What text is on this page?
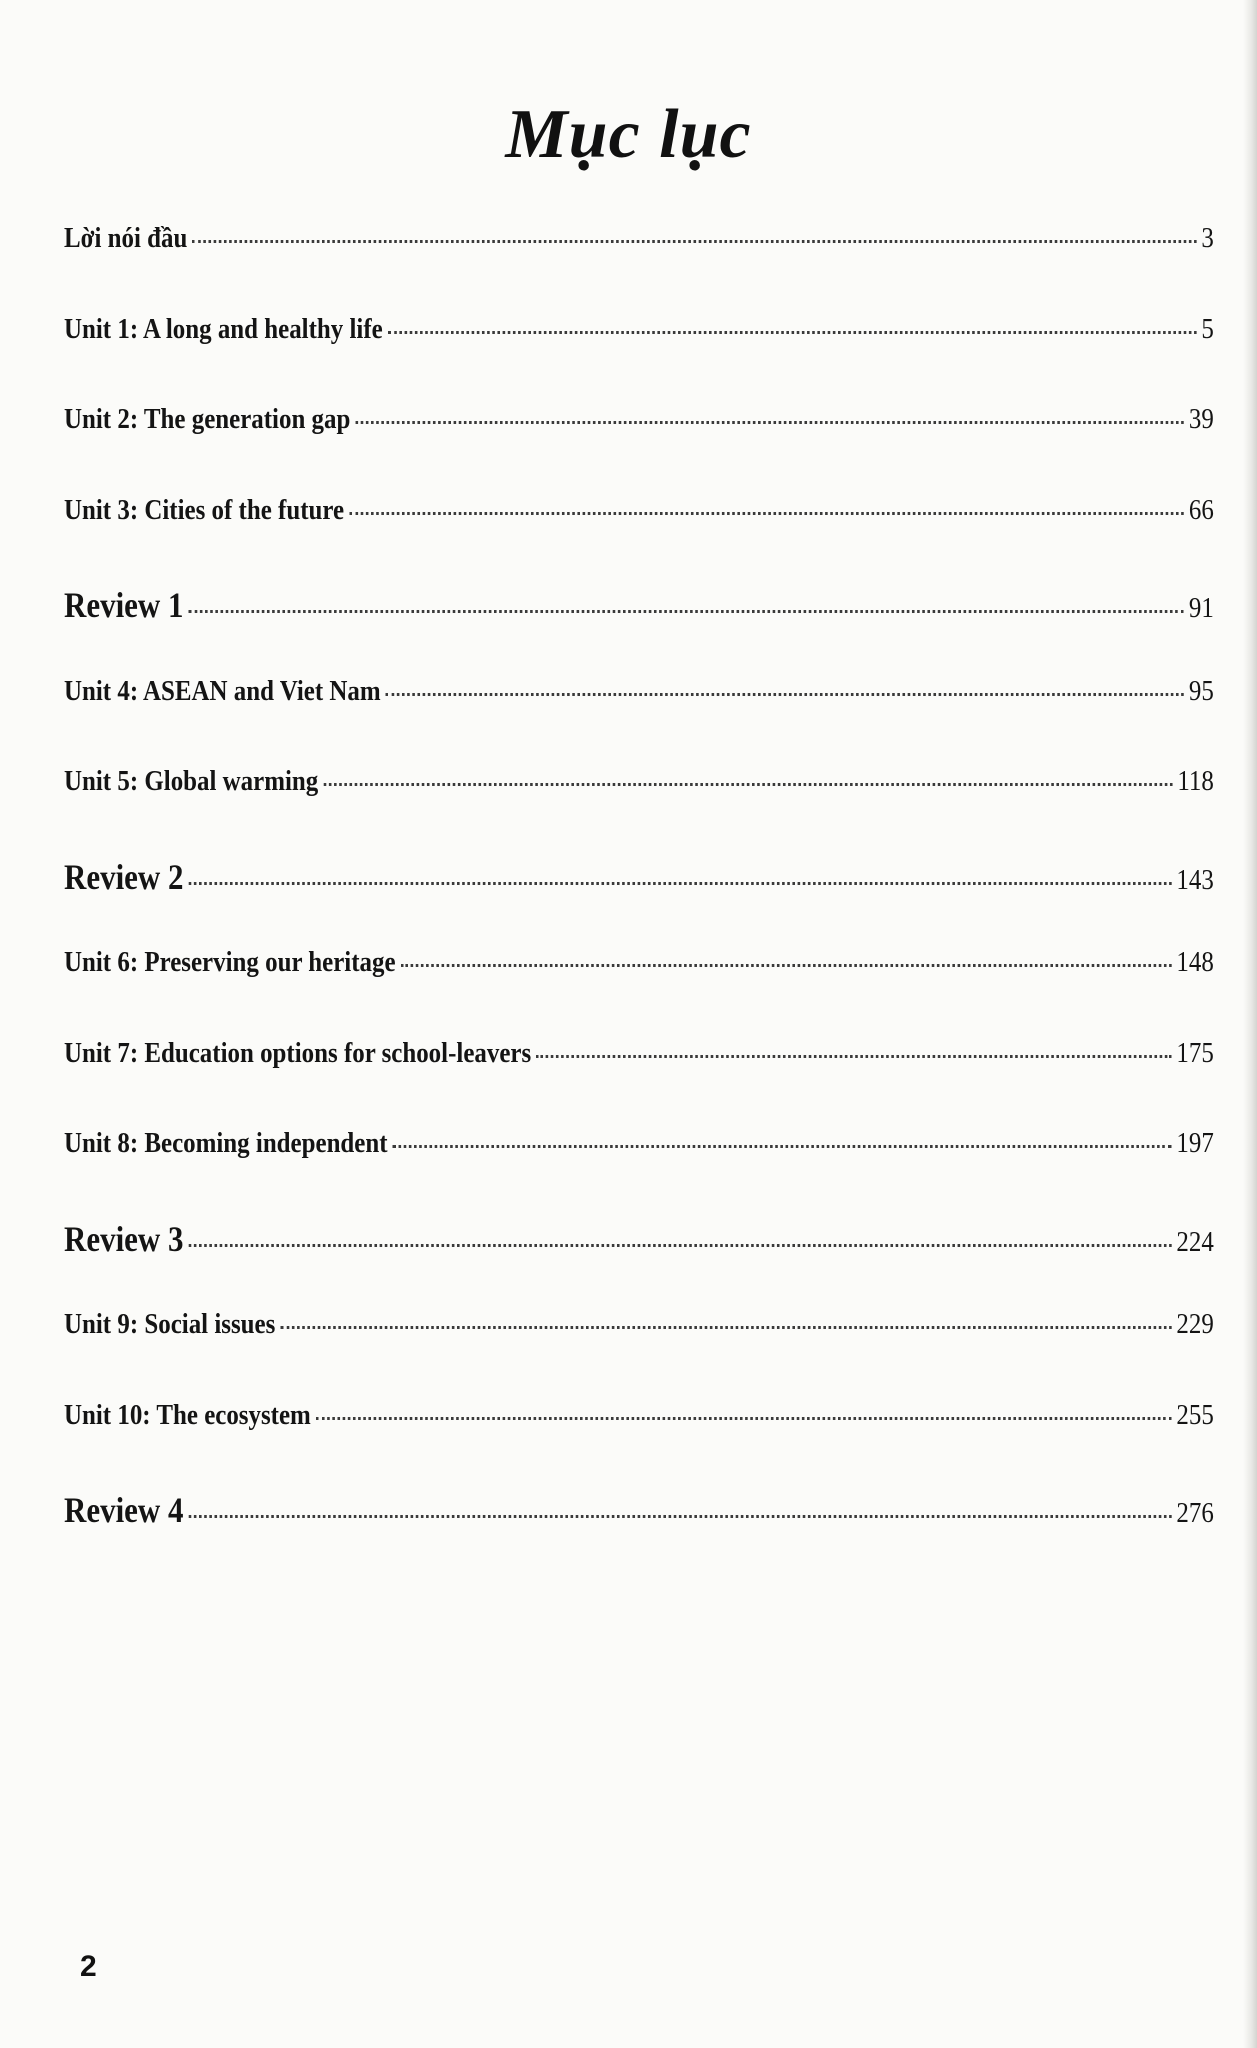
Mục lục
Lời nói đầu	3
Unit 1: A long and healthy life	5
Unit 2: The generation gap	39
Unit 3: Cities of the future	66
Review 1	91
Unit 4: ASEAN and Viet Nam	95
Unit 5: Global warming	118
Review 2	143
Unit 6: Preserving our heritage	148
Unit 7: Education options for school-leavers	175
Unit 8: Becoming independent	197
Review 3	224
Unit 9: Social issues	229
Unit 10: The ecosystem	255
Review 4	276
2
